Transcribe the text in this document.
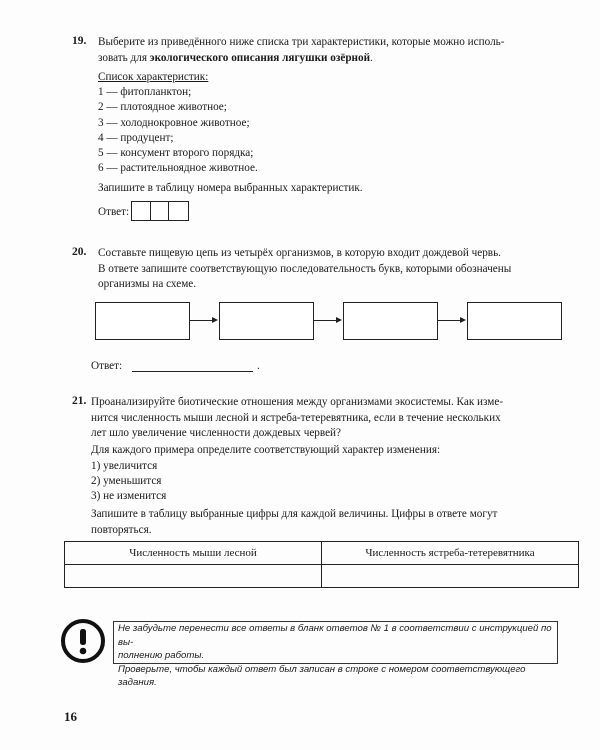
19. Выберите из приведённого ниже списка три характеристики, которые можно исполь-
зовать для экологического описания лягушки озёрной.
Список характеристик:
1 — фитопланктон;
2 — плотоядное животное;
3 — холоднокровное животное;
4 — продуцент;
5 — консумент второго порядка;
6 — растительноядное животное.
Запишите в таблицу номера выбранных характеристик.
Ответ:
20. Составьте пищевую цепь из четырёх организмов, в которую входит дождевой червь.
В ответе запишите соответствующую последовательность букв, которыми обозначены
организмы на схеме.
Ответ:	.
21. Проанализируйте биотические отношения между организмами экосистемы. Как изме-
нится численность мыши лесной и ястреба-тетеревятника, если в течение нескольких
лет шло увеличение численности дождевых червей?
Для каждого примера определите соответствующий характер изменения:
1) увеличится
2) уменьшится
3) не изменится
Запишите в таблицу выбранные цифры для каждой величины. Цифры в ответе могут
повторяться.
Численность мыши лесной	Численность ястреба-тетеревятника

Не забудьте перенести все ответы в бланк ответов № 1 в соответствии с инструкцией по вы-
полнению работы.
Проверьте, чтобы каждый ответ был записан в строке с номером соответствующего задания.
16
